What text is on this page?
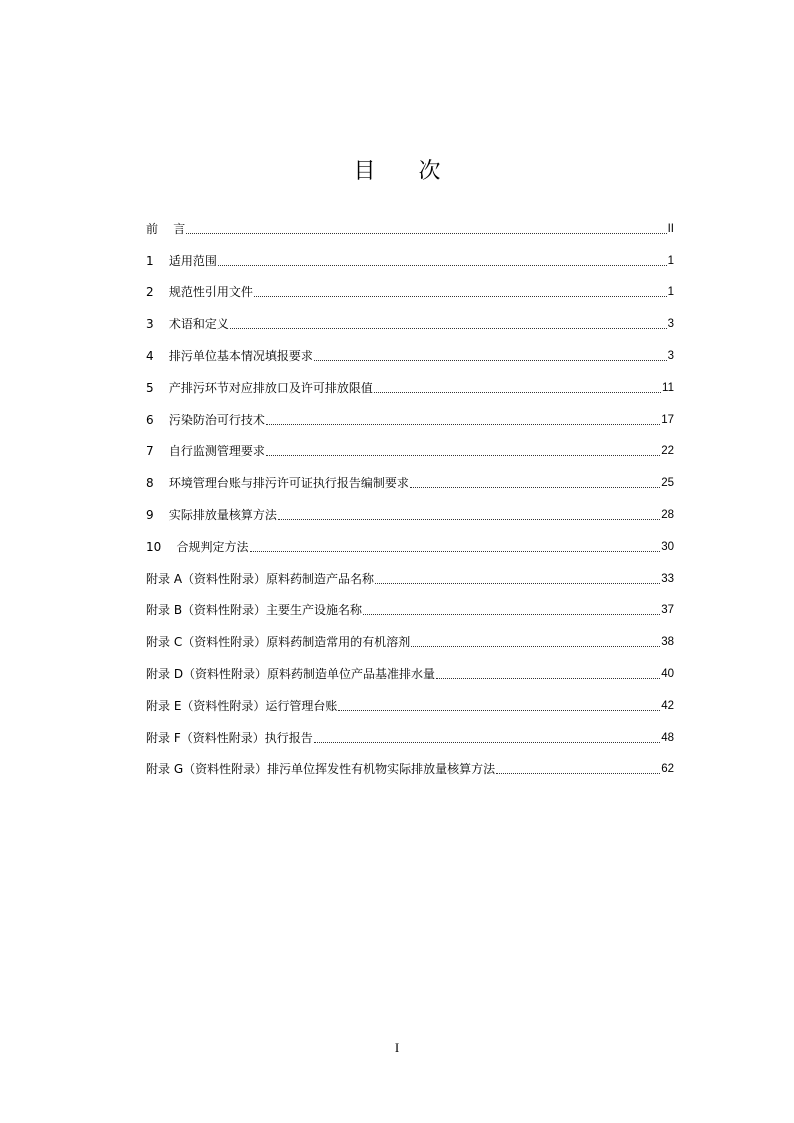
目 次
前    言	II
1    适用范围	1
2    规范性引用文件	1
3    术语和定义	3
4    排污单位基本情况填报要求	3
5    产排污环节对应排放口及许可排放限值	11
6    污染防治可行技术	17
7    自行监测管理要求	22
8    环境管理台账与排污许可证执行报告编制要求	25
9    实际排放量核算方法	28
10    合规判定方法	30
附录 A（资料性附录）原料药制造产品名称	33
附录 B（资料性附录）主要生产设施名称	37
附录 C（资料性附录）原料药制造常用的有机溶剂	38
附录 D（资料性附录）原料药制造单位产品基准排水量	40
附录 E（资料性附录）运行管理台账	42
附录 F（资料性附录）执行报告	48
附录 G（资料性附录）排污单位挥发性有机物实际排放量核算方法	62
I
